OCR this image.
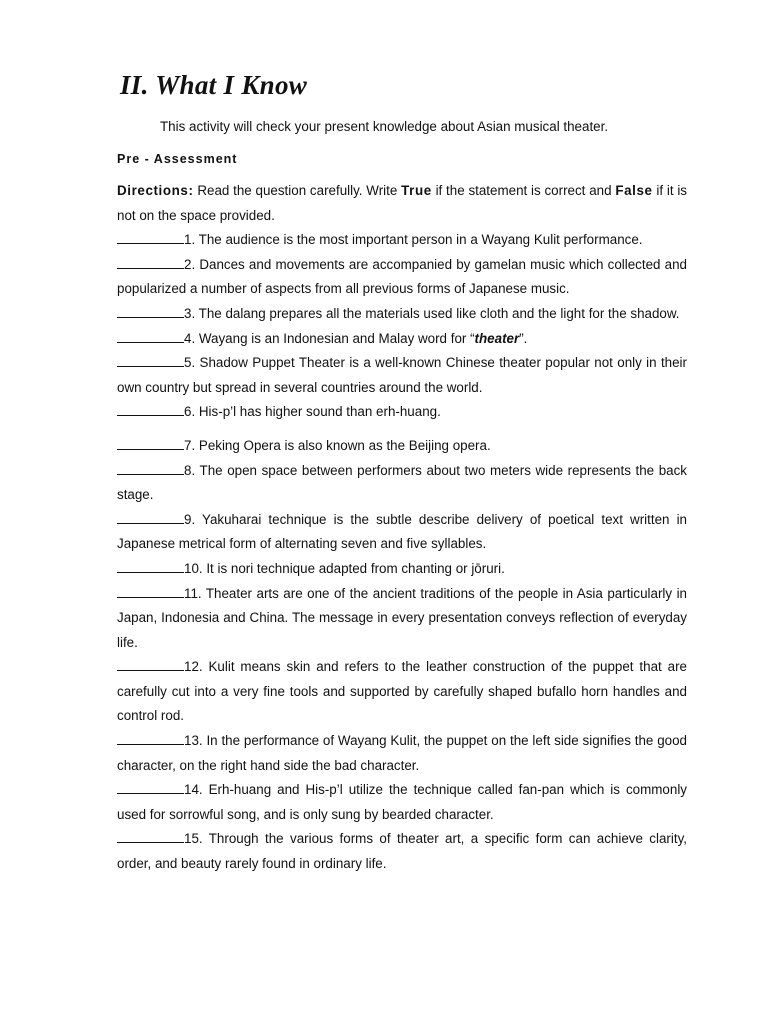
II. What I Know
This activity will check your present knowledge about Asian musical theater.
Pre - Assessment

Directions: Read the question carefully. Write True if the statement is correct and False if it is not on the space provided.

1. The audience is the most important person in a Wayang Kulit performance.
2. Dances and movements are accompanied by gamelan music which collected and popularized a number of aspects from all previous forms of Japanese music.
3. The dalang prepares all the materials used like cloth and the light for the shadow.
4. Wayang is an Indonesian and Malay word for “theater”.
5. Shadow Puppet Theater is a well-known Chinese theater popular not only in their own country but spread in several countries around the world.
6. His-p’l has higher sound than erh-huang.
7. Peking Opera is also known as the Beijing opera.
8. The open space between performers about two meters wide represents the back stage.
9. Yakuharai technique is the subtle describe delivery of poetical text written in Japanese metrical form of alternating seven and five syllables.
10. It is nori technique adapted from chanting or jōruri.
11. Theater arts are one of the ancient traditions of the people in Asia particularly in Japan, Indonesia and China. The message in every presentation conveys reflection of everyday life.
12. Kulit means skin and refers to the leather construction of the puppet that are carefully cut into a very fine tools and supported by carefully shaped bufallo horn handles and control rod.
13. In the performance of Wayang Kulit, the puppet on the left side signifies the good character, on the right hand side the bad character.
14. Erh-huang and His-p’l utilize the technique called fan-pan which is commonly used for sorrowful song, and is only sung by bearded character.
15. Through the various forms of theater art, a specific form can achieve clarity, order, and beauty rarely found in ordinary life.
